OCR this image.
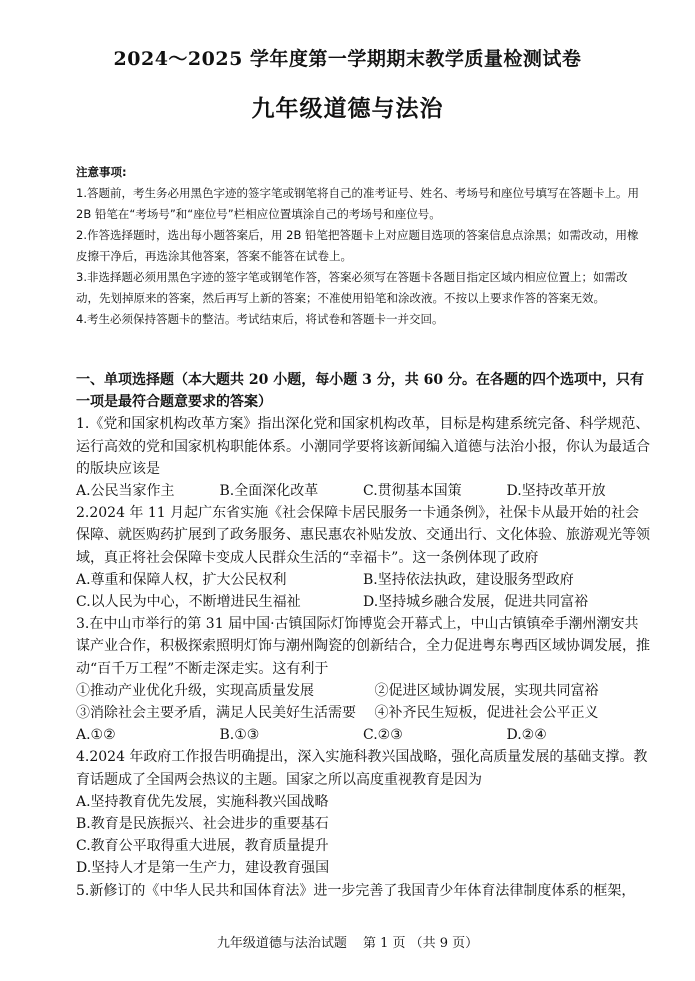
2024～2025 学年度第一学期期末教学质量检测试卷
九年级道德与法治

注意事项:

1.答题前，考生务必用黑色字迹的签字笔或钢笔将自己的准考证号、姓名、考场号和座位号填写在答题卡上。用 2B 铅笔在“考场号”和“座位号”栏相应位置填涂自己的考场号和座位号。

2.作答选择题时，选出每小题答案后，用 2B 铅笔把答题卡上对应题目选项的答案信息点涂黑；如需改动，用橡皮擦干净后，再选涂其他答案，答案不能答在试卷上。

3.非选择题必须用黑色字迹的签字笔或钢笔作答，答案必须写在答题卡各题目指定区域内相应位置上；如需改动，先划掉原来的答案，然后再写上新的答案；不准使用铅笔和涂改液。不按以上要求作答的答案无效。

4.考生必须保持答题卡的整洁。考试结束后，将试卷和答题卡一并交回。

一、单项选择题（本大题共 20 小题，每小题 3 分，共 60 分。在各题的四个选项中，只有一项是最符合题意要求的答案）

1.《党和国家机构改革方案》指出深化党和国家机构改革，目标是构建系统完备、科学规范、运行高效的党和国家机构职能体系。小潮同学要将该新闻编入道德与法治小报，你认为最适合的版块应该是

A.公民当家作主	B.全面深化改革	C.贯彻基本国策	D.坚持改革开放

2.2024 年 11 月起广东省实施《社会保障卡居民服务一卡通条例》，社保卡从最开始的社会保障、就医购药扩展到了政务服务、惠民惠农补贴发放、交通出行、文化体验、旅游观光等领域，真正将社会保障卡变成人民群众生活的“幸福卡”。这一条例体现了政府

A.尊重和保障人权，扩大公民权利	B.坚持依法执政，建设服务型政府
C.以人民为中心，不断增进民生福祉	D.坚持城乡融合发展，促进共同富裕

3.在中山市举行的第 31 届中国·古镇国际灯饰博览会开幕式上，中山古镇镇牵手潮州潮安共谋产业合作，积极探索照明灯饰与潮州陶瓷的创新结合，全力促进粤东粤西区域协调发展，推动“百千万工程”不断走深走实。这有利于

①推动产业优化升级，实现高质量发展	②促进区域协调发展，实现共同富裕
③消除社会主要矛盾，满足人民美好生活需要	④补齐民生短板，促进社会公平正义
A.①②	B.①③	C.②③	D.②④

4.2024 年政府工作报告明确提出，深入实施科教兴国战略，强化高质量发展的基础支撑。教育话题成了全国两会热议的主题。国家之所以高度重视教育是因为

A.坚持教育优先发展，实施科教兴国战略

B.教育是民族振兴、社会进步的重要基石

C.教育公平取得重大进展，教育质量提升

D.坚持人才是第一生产力，建设教育强国

5.新修订的《中华人民共和国体育法》进一步完善了我国青少年体育法律制度体系的框架，

九年级道德与法治试题 第 1 页 （共 9 页）
